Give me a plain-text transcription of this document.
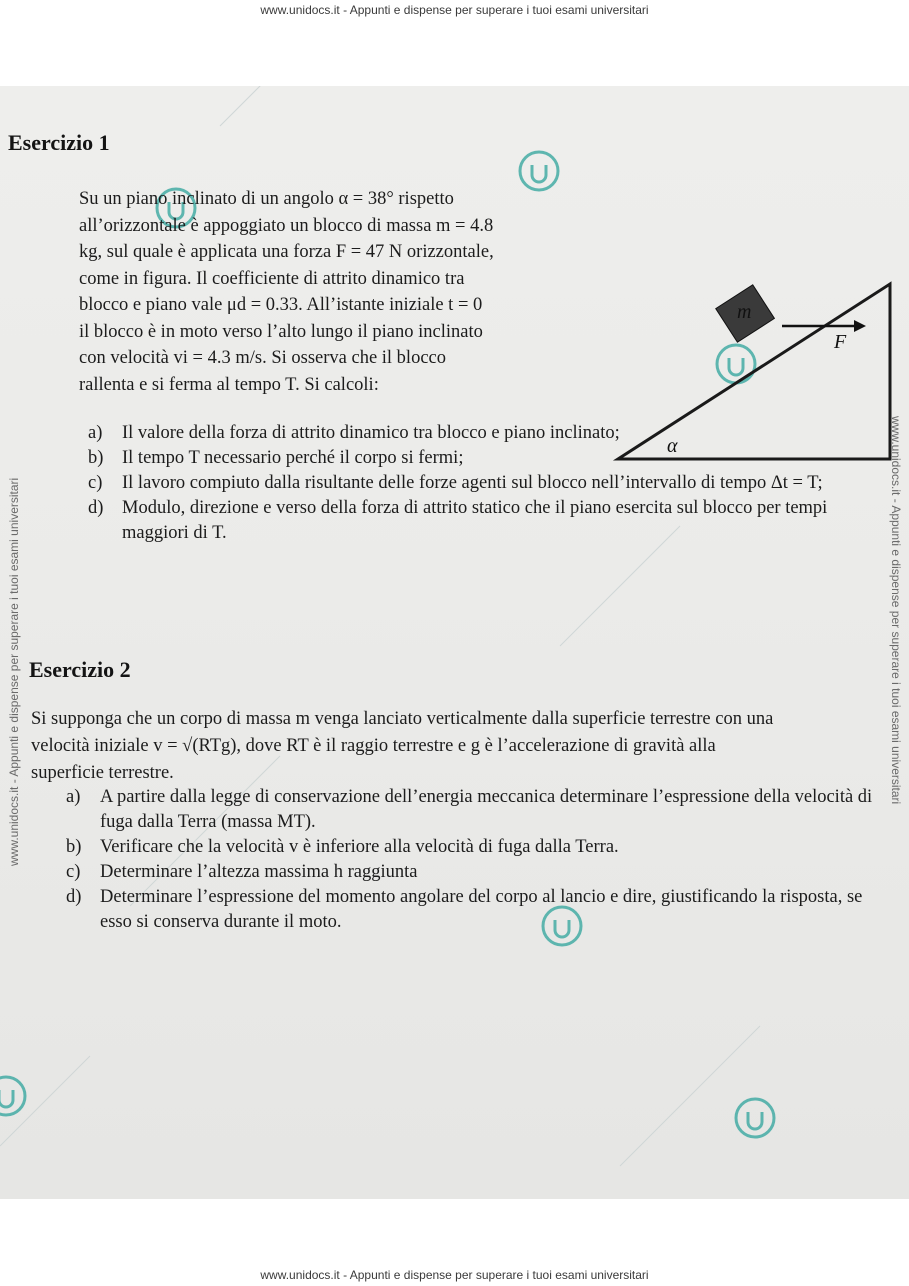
www.unidocs.it - Appunti e dispense per superare i tuoi esami universitari
www.unidocs.it - Appunti e dispense per superare i tuoi esami universitari
www.unidocs.it - Appunti e dispense per superare i tuoi esami universitari	www.unidocs.it - Appunti e dispense per superare i tuoi esami universitari
Esercizio 1
Su un piano inclinato di un angolo α = 38° rispetto
all’orizzontale è appoggiato un blocco di massa m = 4.8
kg, sul quale è applicata una forza F = 47 N orizzontale,
come in figura. Il coefficiente di attrito dinamico tra
blocco e piano vale μd = 0.33. All’istante iniziale t = 0
il blocco è in moto verso l’alto lungo il piano inclinato
con velocità vi = 4.3 m/s. Si osserva che il blocco
rallenta e si ferma al tempo T. Si calcoli:
m
F
α
a)	Il valore della forza di attrito dinamico tra blocco e piano inclinato;
b)	Il tempo T necessario perché il corpo si fermi;
c)	Il lavoro compiuto dalla risultante delle forze agenti sul blocco nell’intervallo di tempo Δt = T;
d)	Modulo, direzione e verso della forza di attrito statico che il piano esercita sul blocco per tempi maggiori di T.
Esercizio 2
Si supponga che un corpo di massa m venga lanciato verticalmente dalla superficie terrestre con una
velocità iniziale v = √(RTg), dove RT è il raggio terrestre e g è l’accelerazione di gravità alla
superficie terrestre.
a)	A partire dalla legge di conservazione dell’energia meccanica determinare l’espressione della velocità di fuga dalla Terra (massa MT).
b)	Verificare che la velocità v è inferiore alla velocità di fuga dalla Terra.
c)	Determinare l’altezza massima h raggiunta
d)	Determinare l’espressione del momento angolare del corpo al lancio e dire, giustificando la risposta, se esso si conserva durante il moto.
